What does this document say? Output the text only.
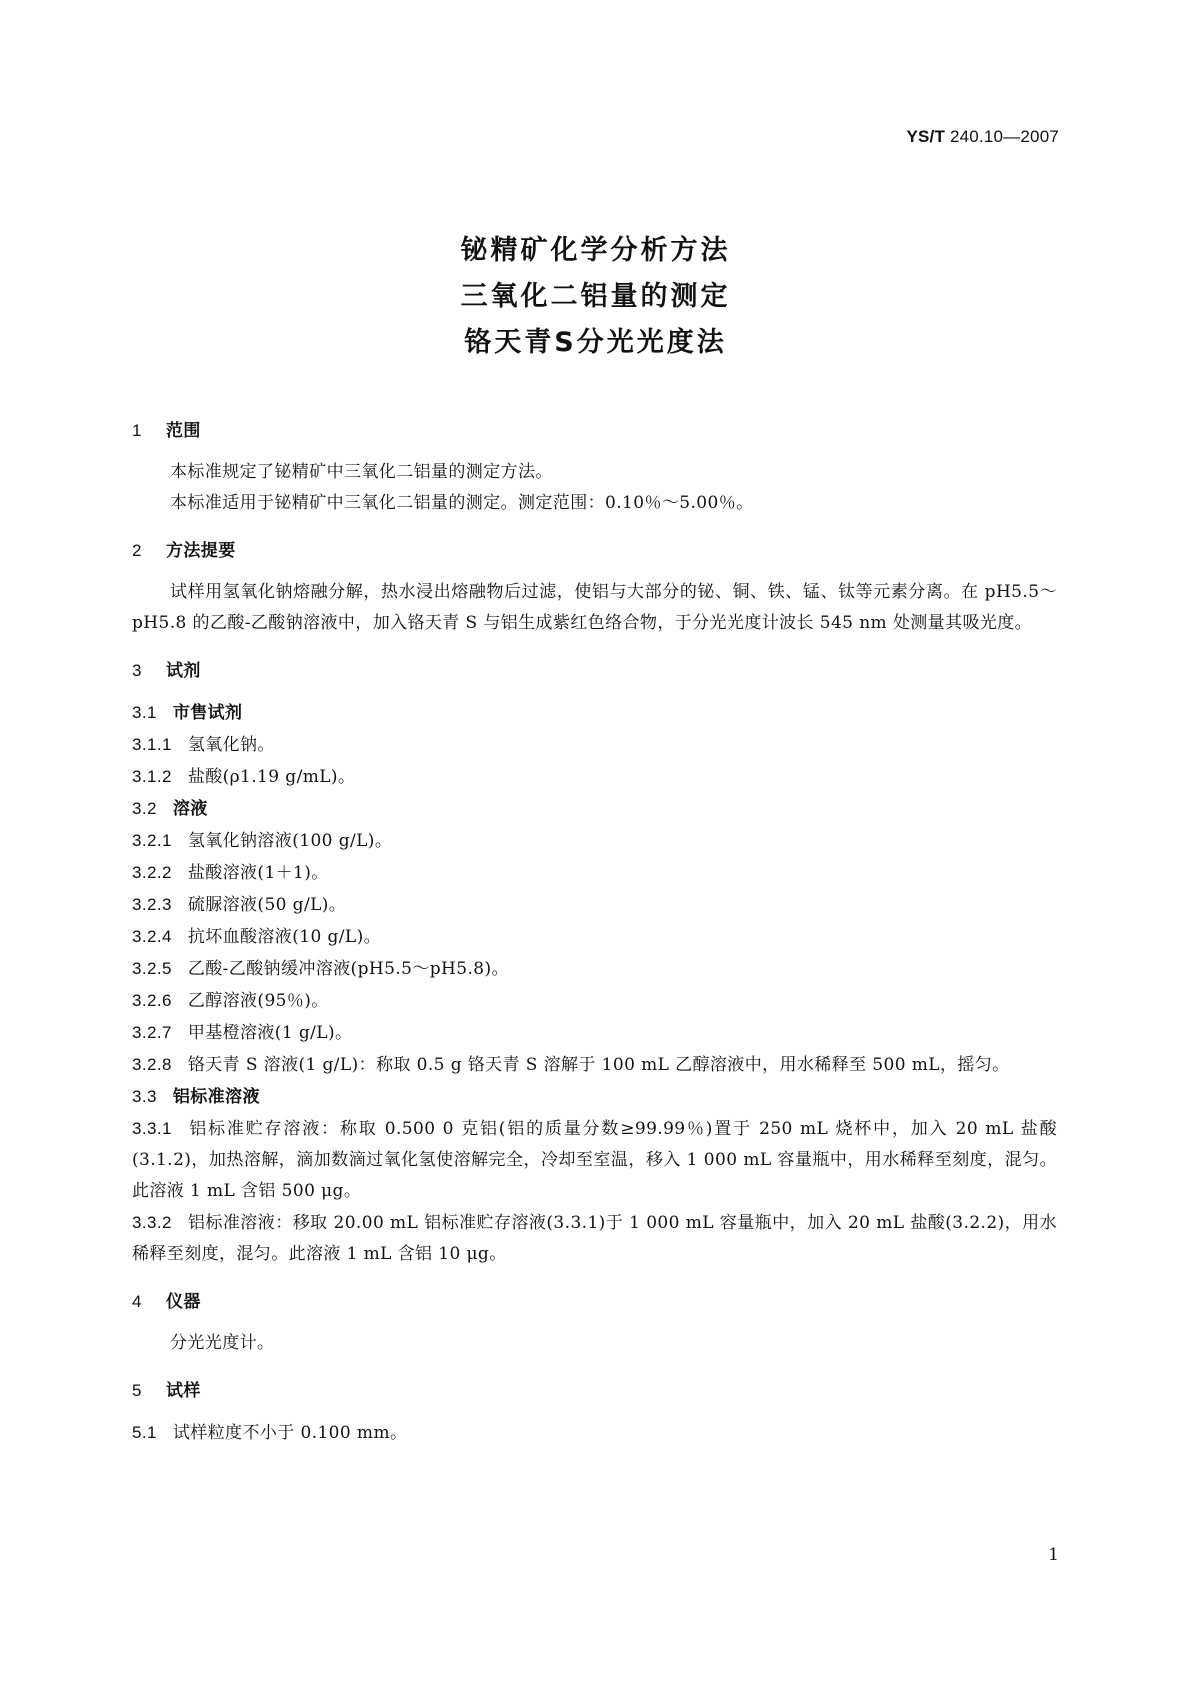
YS/T 240.10—2007
铋精矿化学分析方法
三氧化二铝量的测定
铬天青S分光光度法
1 范围
本标准规定了铋精矿中三氧化二铝量的测定方法。
本标准适用于铋精矿中三氧化二铝量的测定。测定范围：0.10％～5.00％。
2 方法提要
试样用氢氧化钠熔融分解，热水浸出熔融物后过滤，使铝与大部分的铋、铜、铁、锰、钛等元素分离。在 pH5.5～pH5.8 的乙酸-乙酸钠溶液中，加入铬天青 S 与铝生成紫红色络合物，于分光光度计波长 545 nm 处测量其吸光度。
3 试剂
3.1 市售试剂
3.1.1 氢氧化钠。
3.1.2 盐酸(ρ1.19 g/mL)。
3.2 溶液
3.2.1 氢氧化钠溶液(100 g/L)。
3.2.2 盐酸溶液(1＋1)。
3.2.3 硫脲溶液(50 g/L)。
3.2.4 抗坏血酸溶液(10 g/L)。
3.2.5 乙酸-乙酸钠缓冲溶液(pH5.5～pH5.8)。
3.2.6 乙醇溶液(95％)。
3.2.7 甲基橙溶液(1 g/L)。
3.2.8 铬天青 S 溶液(1 g/L)：称取 0.5 g 铬天青 S 溶解于 100 mL 乙醇溶液中，用水稀释至 500 mL，摇匀。
3.3 铝标准溶液
3.3.1 铝标准贮存溶液：称取 0.500 0 克铝(铝的质量分数≥99.99％)置于 250 mL 烧杯中，加入 20 mL 盐酸(3.1.2)，加热溶解，滴加数滴过氧化氢使溶解完全，冷却至室温，移入 1 000 mL 容量瓶中，用水稀释至刻度，混匀。此溶液 1 mL 含铝 500 μg。
3.3.2 铝标准溶液：移取 20.00 mL 铝标准贮存溶液(3.3.1)于 1 000 mL 容量瓶中，加入 20 mL 盐酸(3.2.2)，用水稀释至刻度，混匀。此溶液 1 mL 含铝 10 μg。
4 仪器
分光光度计。
5 试样
5.1 试样粒度不小于 0.100 mm。
1
